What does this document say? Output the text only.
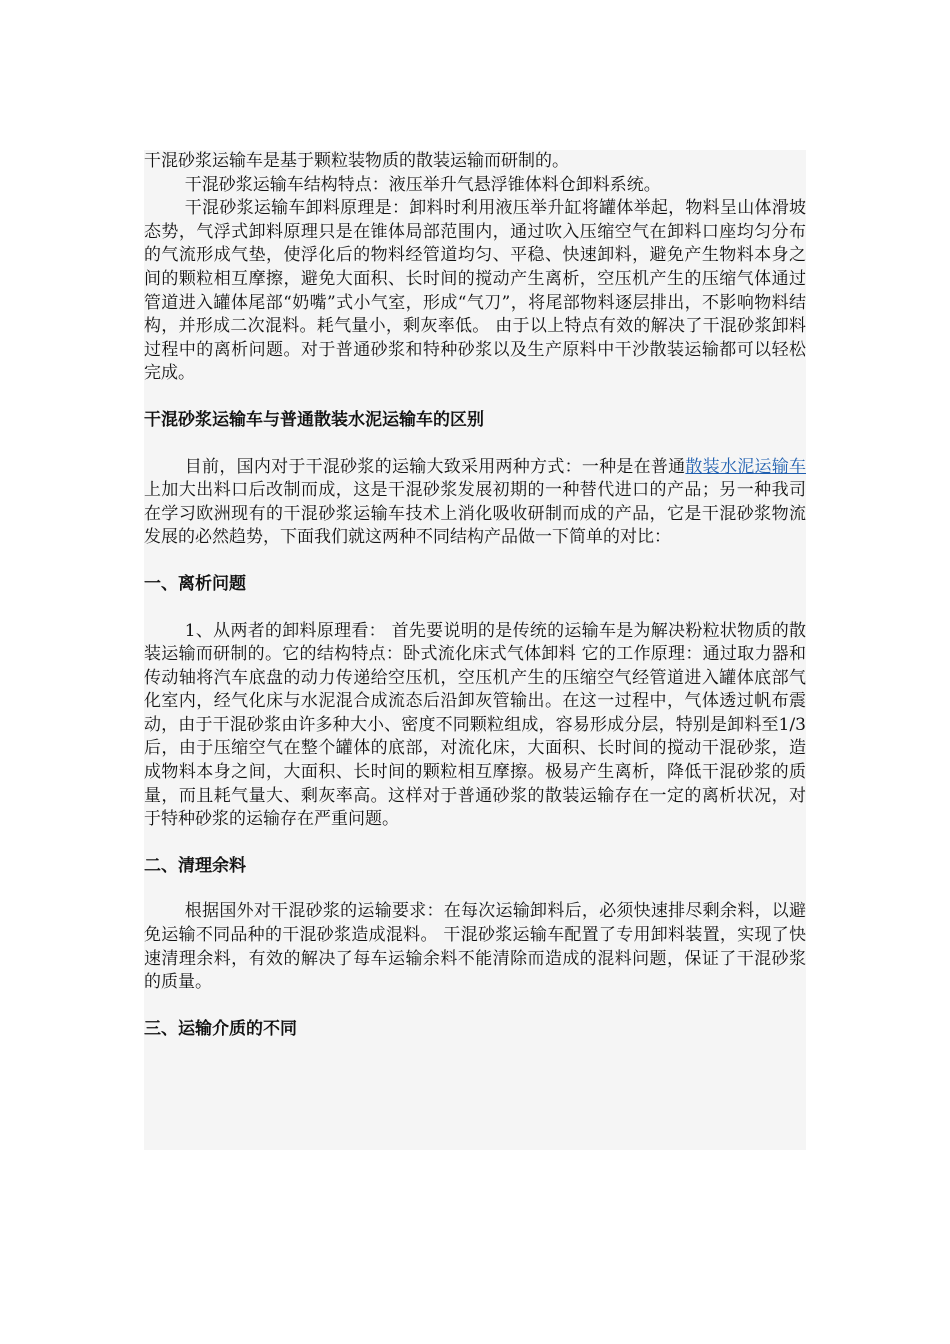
干混砂浆运输车是基于颗粒装物质的散装运输而研制的。

干混砂浆运输车结构特点：液压举升气悬浮锥体料仓卸料系统。

干混砂浆运输车卸料原理是：卸料时利用液压举升缸将罐体举起，物料呈山体滑坡态势，气浮式卸料原理只是在锥体局部范围内，通过吹入压缩空气在卸料口座均匀分布的气流形成气垫，使浮化后的物料经管道均匀、平稳、快速卸料，避免产生物料本身之间的颗粒相互摩擦，避免大面积、长时间的搅动产生离析，空压机产生的压缩气体通过管道进入罐体尾部“奶嘴”式小气室，形成“气刀”，将尾部物料逐层排出，不影响物料结构，并形成二次混料。耗气量小，剩灰率低。 由于以上特点有效的解决了干混砂浆卸料过程中的离析问题。对于普通砂浆和特种砂浆以及生产原料中干沙散装运输都可以轻松完成。

干混砂浆运输车与普通散装水泥运输车的区别

目前，国内对于干混砂浆的运输大致采用两种方式：一种是在普通散装水泥运输车上加大出料口后改制而成，这是干混砂浆发展初期的一种替代进口的产品；另一种我司在学习欧洲现有的干混砂浆运输车技术上消化吸收研制而成的产品，它是干混砂浆物流发展的必然趋势，下面我们就这两种不同结构产品做一下简单的对比：

一、离析问题

1、从两者的卸料原理看： 首先要说明的是传统的运输车是为解决粉粒状物质的散装运输而研制的。它的结构特点：卧式流化床式气体卸料 它的工作原理：通过取力器和传动轴将汽车底盘的动力传递给空压机，空压机产生的压缩空气经管道进入罐体底部气化室内，经气化床与水泥混合成流态后沿卸灰管输出。在这一过程中，气体透过帆布震动，由于干混砂浆由许多种大小、密度不同颗粒组成，容易形成分层，特别是卸料至1/3后，由于压缩空气在整个罐体的底部，对流化床，大面积、长时间的搅动干混砂浆，造成物料本身之间，大面积、长时间的颗粒相互摩擦。极易产生离析，降低干混砂浆的质量，而且耗气量大、剩灰率高。这样对于普通砂浆的散装运输存在一定的离析状况，对于特种砂浆的运输存在严重问题。

二、清理余料

根据国外对干混砂浆的运输要求：在每次运输卸料后，必须快速排尽剩余料，以避免运输不同品种的干混砂浆造成混料。 干混砂浆运输车配置了专用卸料装置，实现了快速清理余料，有效的解决了每车运输余料不能清除而造成的混料问题，保证了干混砂浆的质量。

三、运输介质的不同
